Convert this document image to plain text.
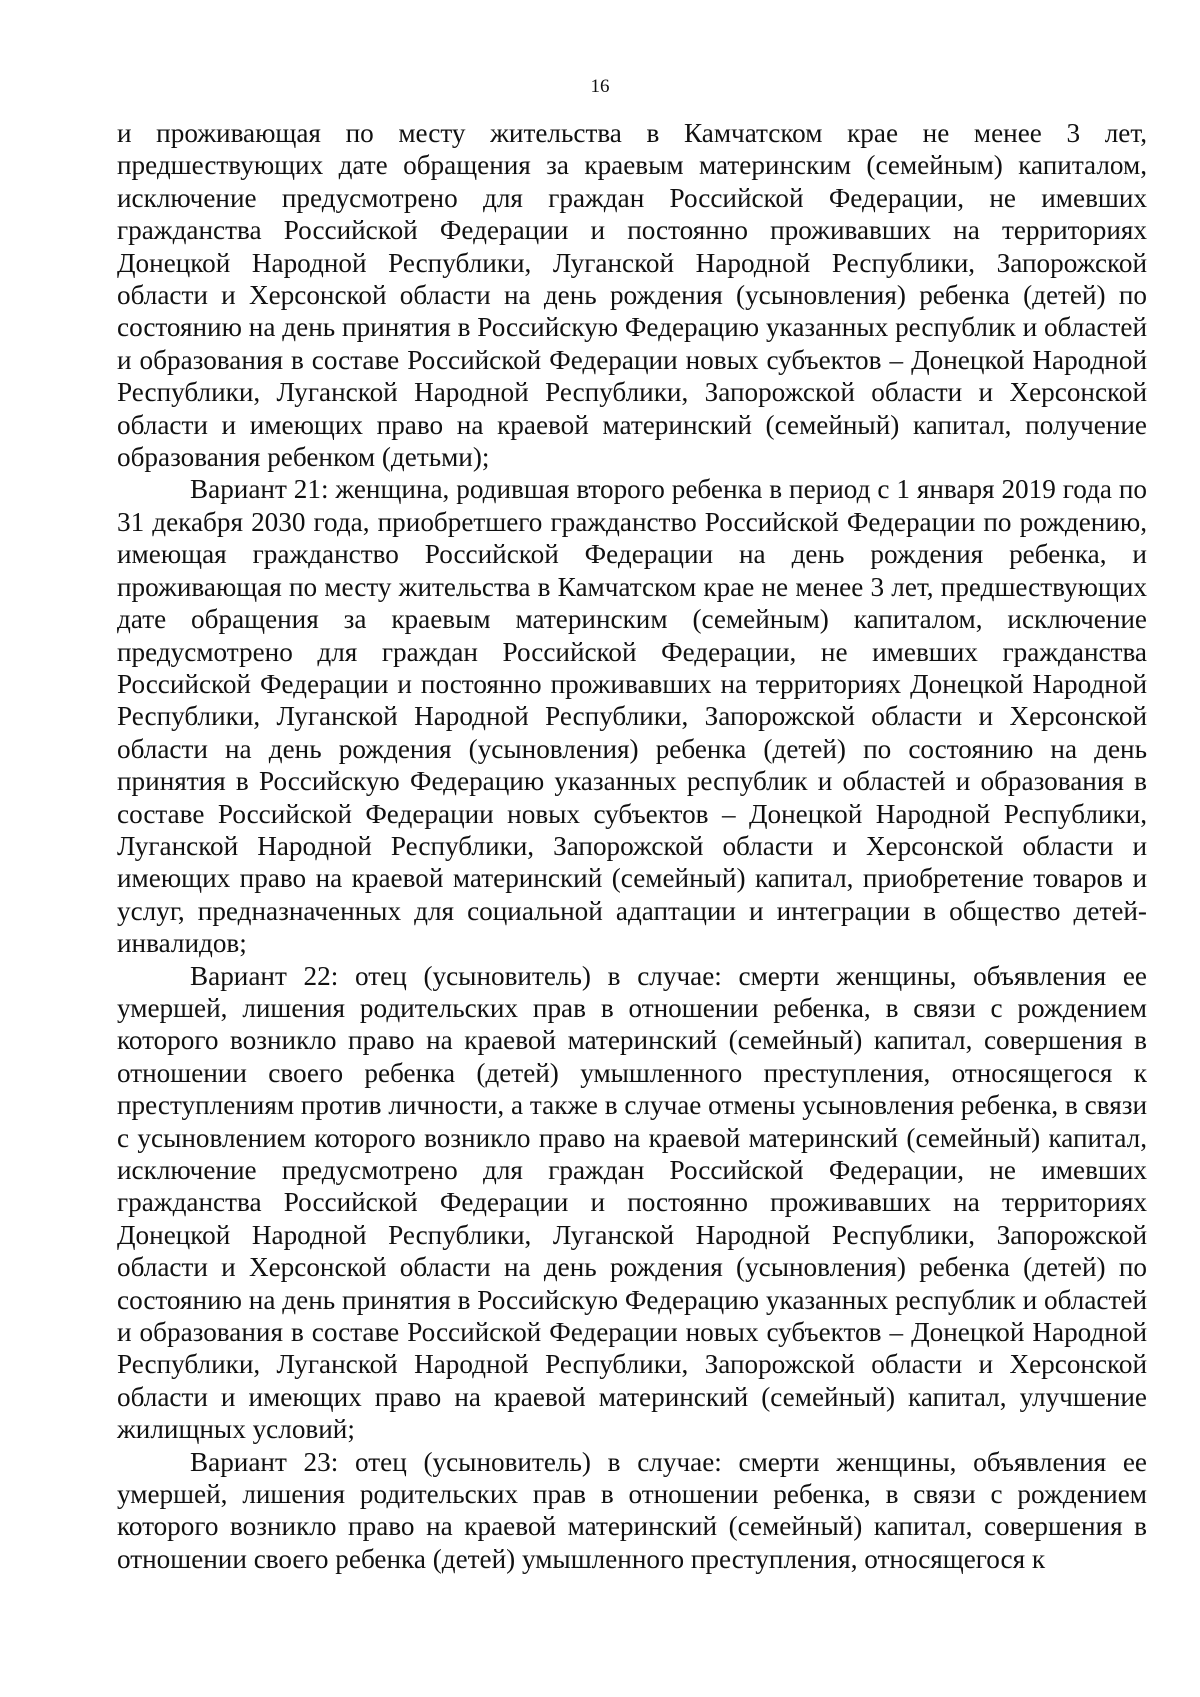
16

и проживающая по месту жительства в Камчатском крае не менее 3 лет, предшествующих дате обращения за краевым материнским (семейным) капиталом, исключение предусмотрено для граждан Российской Федерации, не имевших гражданства Российской Федерации и постоянно проживавших на территориях Донецкой Народной Республики, Луганской Народной Республики, Запорожской области и Херсонской области на день рождения (усыновления) ребенка (детей) по состоянию на день принятия в Российскую Федерацию указанных республик и областей и образования в составе Российской Федерации новых субъектов – Донецкой Народной Республики, Луганской Народной Республики, Запорожской области и Херсонской области и имеющих право на краевой материнский (семейный) капитал, получение образования ребенком (детьми);

Вариант 21: женщина, родившая второго ребенка в период с 1 января 2019 года по 31 декабря 2030 года, приобретшего гражданство Российской Федерации по рождению, имеющая гражданство Российской Федерации на день рождения ребенка, и проживающая по месту жительства в Камчатском крае не менее 3 лет, предшествующих дате обращения за краевым материнским (семейным) капиталом, исключение предусмотрено для граждан Российской Федерации, не имевших гражданства Российской Федерации и постоянно проживавших на территориях Донецкой Народной Республики, Луганской Народной Республики, Запорожской области и Херсонской области на день рождения (усыновления) ребенка (детей) по состоянию на день принятия в Российскую Федерацию указанных республик и областей и образования в составе Российской Федерации новых субъектов – Донецкой Народной Республики, Луганской Народной Республики, Запорожской области и Херсонской области и имеющих право на краевой материнский (семейный) капитал, приобретение товаров и услуг, предназначенных для социальной адаптации и интеграции в общество детей-инвалидов;

Вариант 22: отец (усыновитель) в случае: смерти женщины, объявления ее умершей, лишения родительских прав в отношении ребенка, в связи с рождением которого возникло право на краевой материнский (семейный) капитал, совершения в отношении своего ребенка (детей) умышленного преступления, относящегося к преступлениям против личности, а также в случае отмены усыновления ребенка, в связи с усыновлением которого возникло право на краевой материнский (семейный) капитал, исключение предусмотрено для граждан Российской Федерации, не имевших гражданства Российской Федерации и постоянно проживавших на территориях Донецкой Народной Республики, Луганской Народной Республики, Запорожской области и Херсонской области на день рождения (усыновления) ребенка (детей) по состоянию на день принятия в Российскую Федерацию указанных республик и областей и образования в составе Российской Федерации новых субъектов – Донецкой Народной Республики, Луганской Народной Республики, Запорожской области и Херсонской области и имеющих право на краевой материнский (семейный) капитал, улучшение жилищных условий;

Вариант 23: отец (усыновитель) в случае: смерти женщины, объявления ее умершей, лишения родительских прав в отношении ребенка, в связи с рождением которого возникло право на краевой материнский (семейный) капитал, совершения в отношении своего ребенка (детей) умышленного преступления, относящегося к
